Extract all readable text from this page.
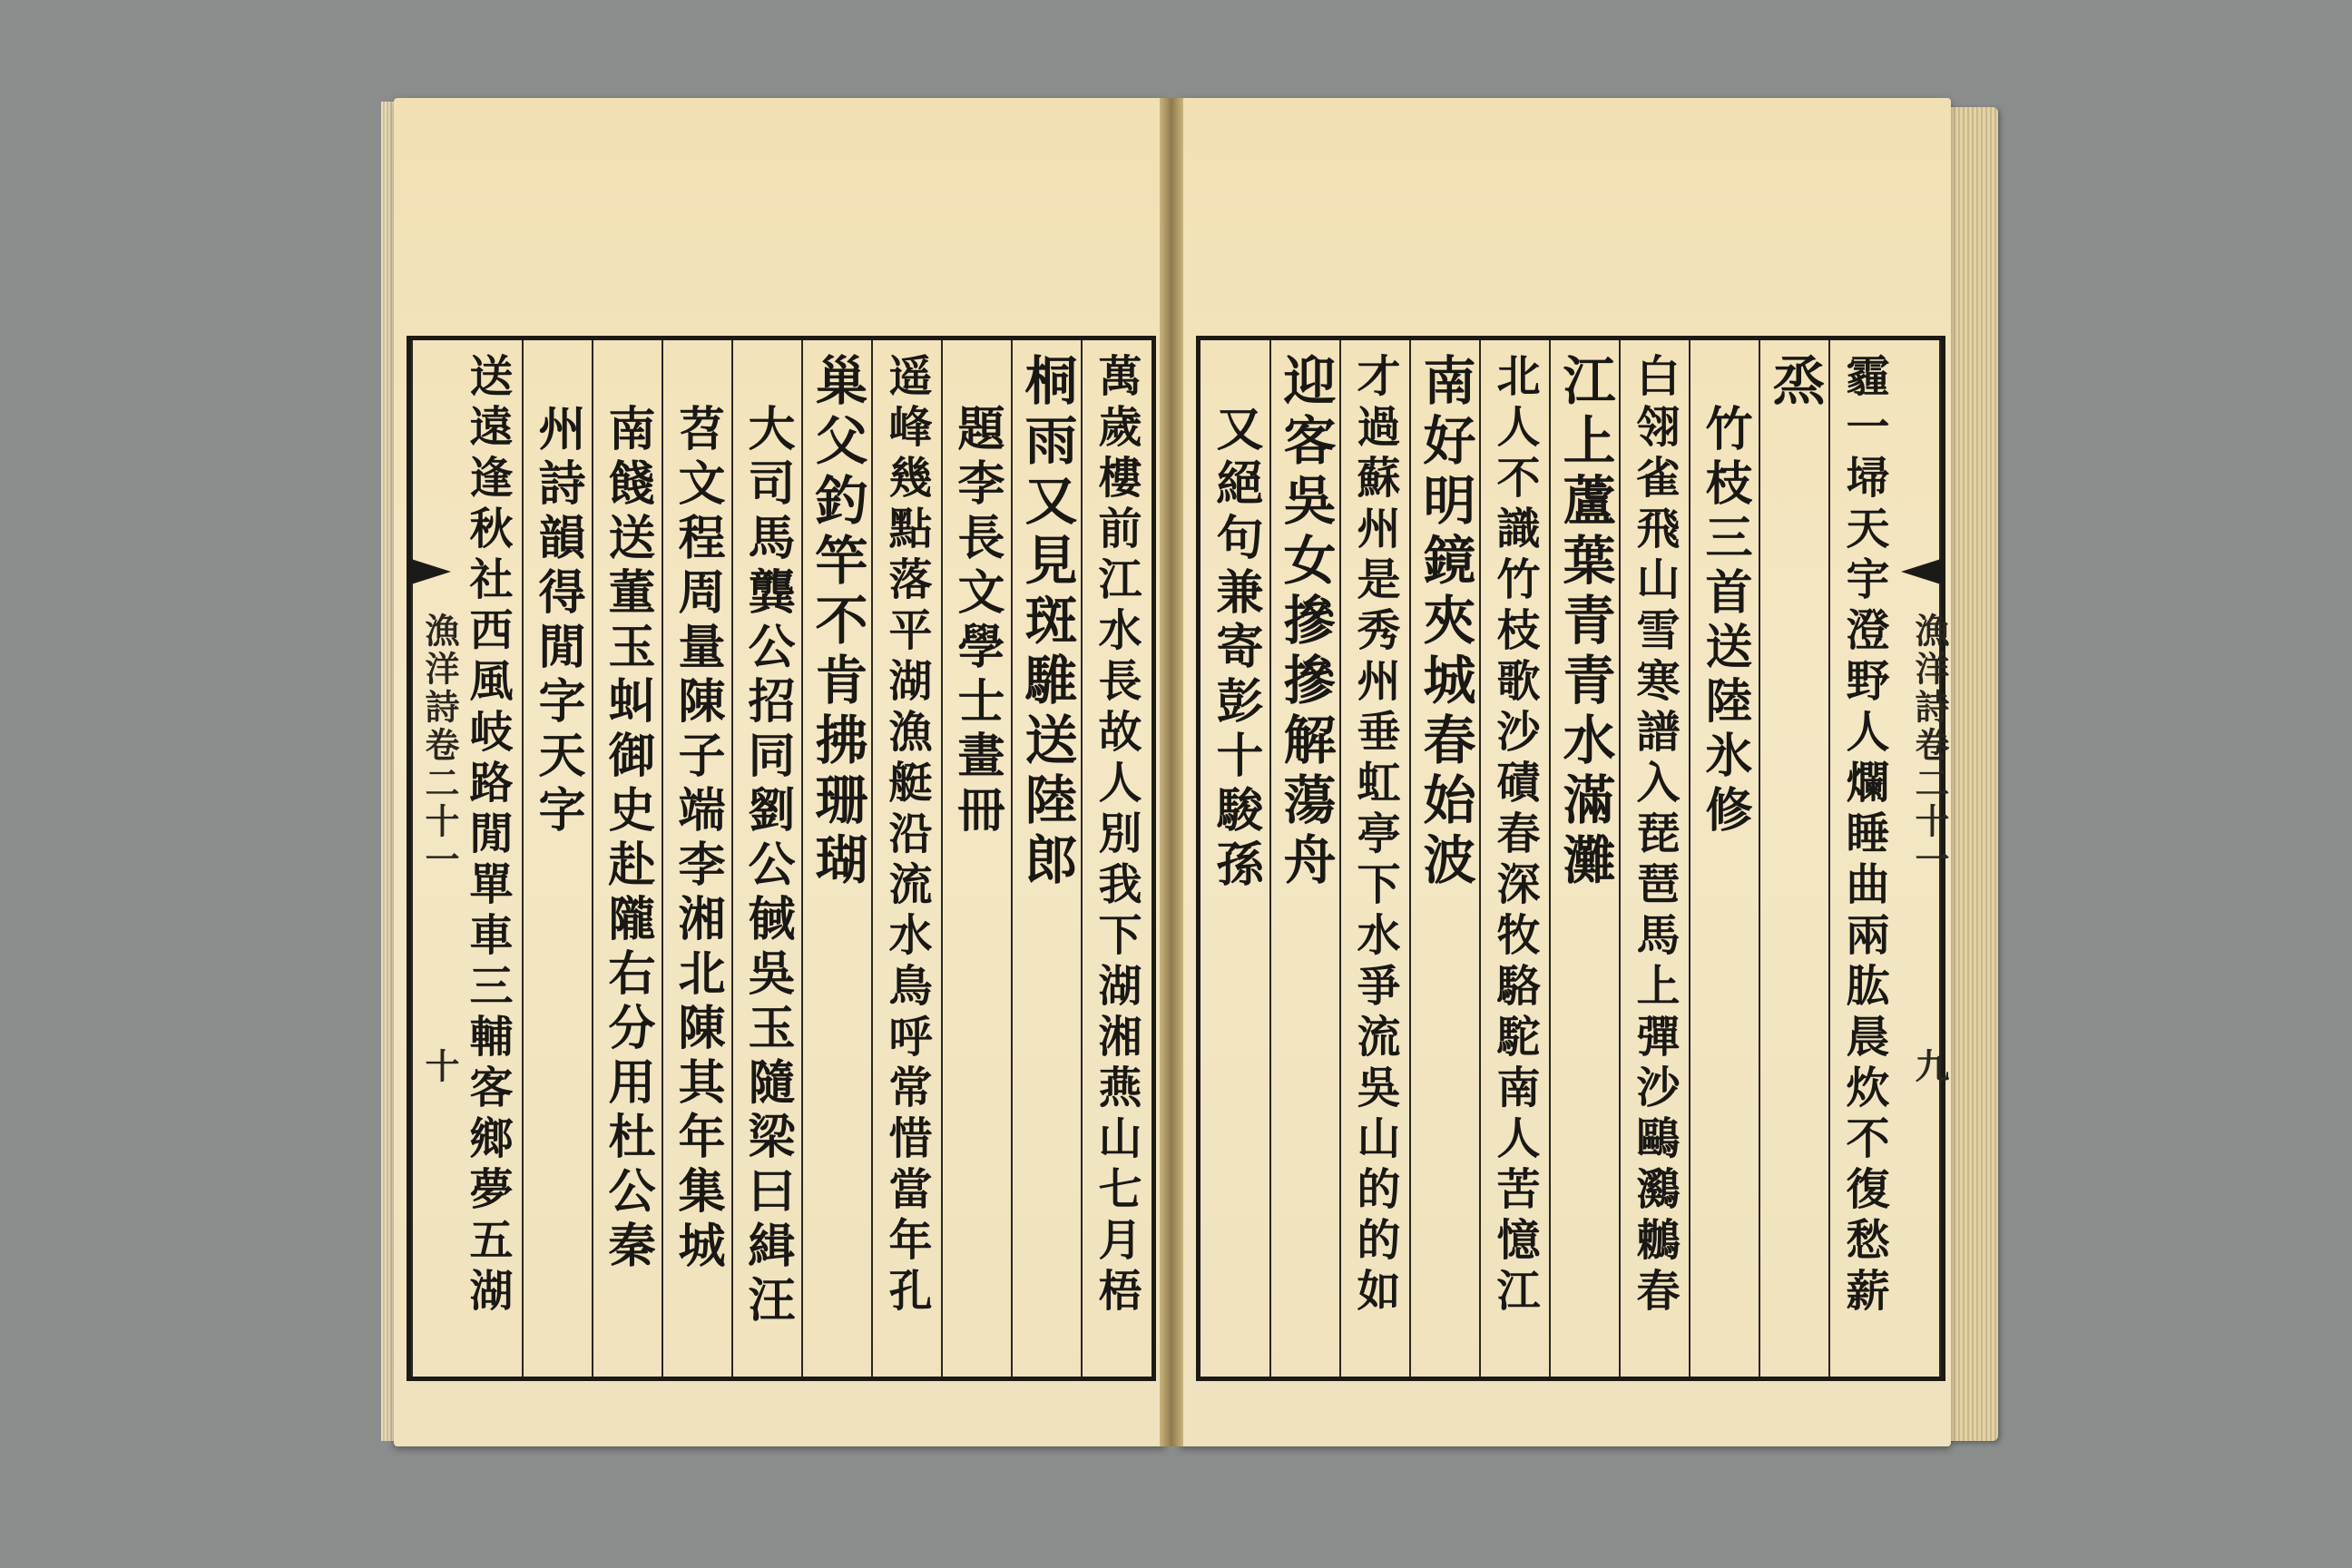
漁洋詩卷二十一
十	萬歲樓前江水長故人別我下湖湘燕山七月梧
桐雨又見斑騅送陸郎
題李長文學士畫冊
遥峰幾點落平湖漁艇沿流水鳥呼常惜當年孔
巢父釣竿不肯拂珊瑚
大司馬龔公招同劉公戫吳玉隨梁曰緝汪
苕文程周量陳子端李湘北陳其年集城
南餞送董玉虯御史赴隴右分用杜公秦
州詩韻得閒字天字
送遠逢秋社西風岐路閒單車三輔客鄉夢五湖	漁洋詩卷二十一
九
霾一埽天宇澄野人爛睡曲兩肱晨炊不復愁薪
烝
竹枝三首送陸氷修
白翎雀飛山雪寒譜入琵琶馬上彈沙鷗鸂鶒春
江上蘆葉青青水滿灘
北人不識竹枝歌沙磧春深牧駱駝南人苦憶江
南好明鏡夾城春始波
才過蘇州是秀州垂虹亭下水爭流吳山的的如
迎客吳女摻摻解蕩舟
又絕句兼寄彭十駿孫
